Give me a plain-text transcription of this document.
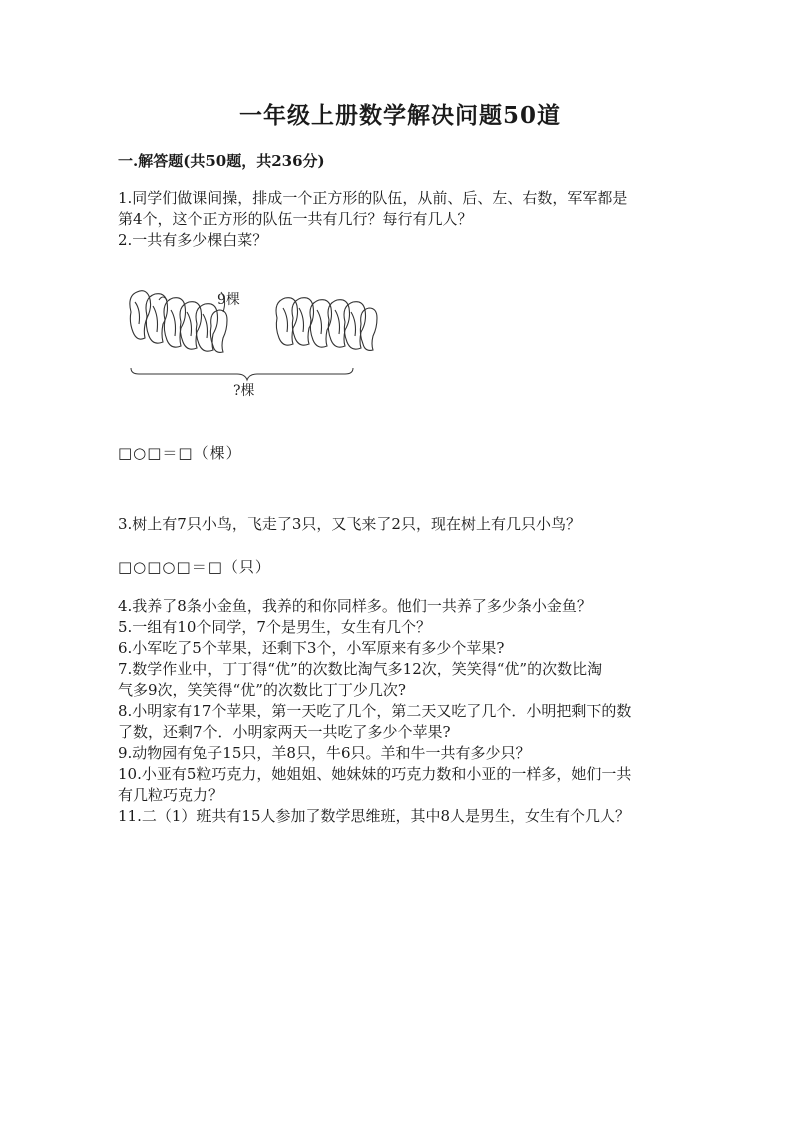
一年级上册数学解决问题50道
一.解答题(共50题，共236分)
1.同学们做课间操，排成一个正方形的队伍，从前、后、左、右数，军军都是
第4个，这个正方形的队伍一共有几行？每行有几人？
2.一共有多少棵白菜？
9棵
?棵
□○□＝□（棵）
3.树上有7只小鸟，飞走了3只，又飞来了2只，现在树上有几只小鸟？
□○□○□＝□（只）
4.我养了8条小金鱼，我养的和你同样多。他们一共养了多少条小金鱼？
5.一组有10个同学，7个是男生，女生有几个？
6.小军吃了5个苹果，还剩下3个，小军原来有多少个苹果?
7.数学作业中，丁丁得“优”的次数比淘气多12次，笑笑得“优”的次数比淘
气多9次，笑笑得“优”的次数比丁丁少几次?
8.小明家有17个苹果，第一天吃了几个，第二天又吃了几个．小明把剩下的数
了数，还剩7个．小明家两天一共吃了多少个苹果?
9.动物园有兔子15只，羊8只，牛6只。羊和牛一共有多少只？
10.小亚有5粒巧克力，她姐姐、她妹妹的巧克力数和小亚的一样多，她们一共
有几粒巧克力？
11.二（1）班共有15人参加了数学思维班，其中8人是男生，女生有个几人？
